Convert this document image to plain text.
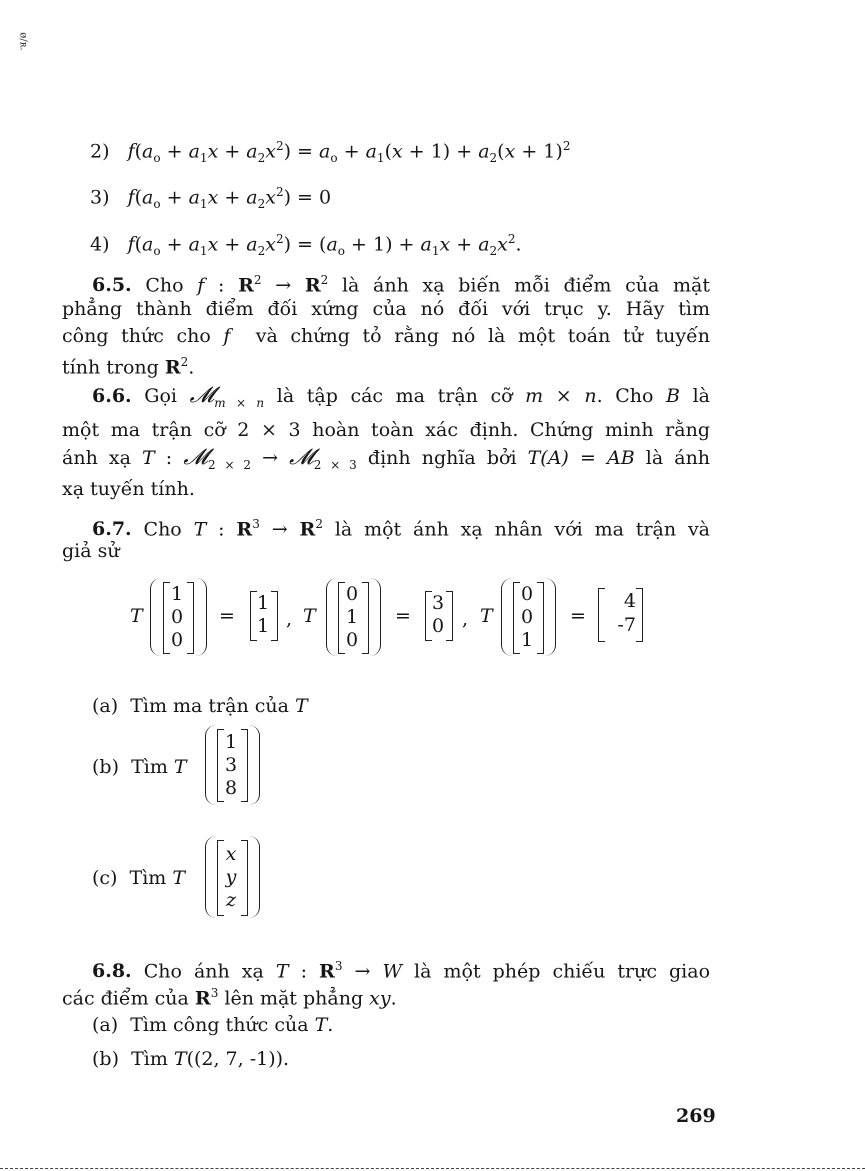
ø/ʀ.
2) $f(a_o + a_1x + a_2x^2) = a_o + a_1(x + 1) + a_2(x + 1)^2$
3) $f(a_o + a_1x + a_2x^2) = 0$
4) $f(a_o + a_1x + a_2x^2) = (a_o + 1) + a_1x + a_2x^2$.
6.5. Cho f : $R^2 \to R^2$ là ánh xạ biến mỗi điểm của mặt
phẳng thành điểm đối xứng của nó đối với trục y. Hãy tìm
công thức cho f  và chứng tỏ rằng nó là một toán tử tuyến
tính trong $R^2$.
6.6. Gọi 𝓜$_m$ $_\times$ $_n$ là tập các ma trận cỡ m × n. Cho B là
một ma trận cỡ 2 × 3 hoàn toàn xác định. Chứng minh rằng
ánh xạ T : 𝓜$_{2 \times 2}$ → 𝓜$_{2 \times 3}$ định nghĩa bởi T(A) = AB là ánh
xạ tuyến tính.
6.7. Cho T : $R^3 \to R^2$ là một ánh xạ nhân với ma trận và
giả sử
T
1
0
0
=
1
1 , T
0
1
0
=
3
0 , T
0
0
1
=
4
-7
(a)  Tìm ma trận của T
(b)  Tìm T
1
3
8
(c)  Tìm T
x
y
z
6.8. Cho ánh xạ T : $R^3 \to W$ là một phép chiếu trực giao
các điểm của $R^3$ lên mặt phẳng xy.
(a)  Tìm công thức của T.
(b)  Tìm T((2, 7, -1)).
269
